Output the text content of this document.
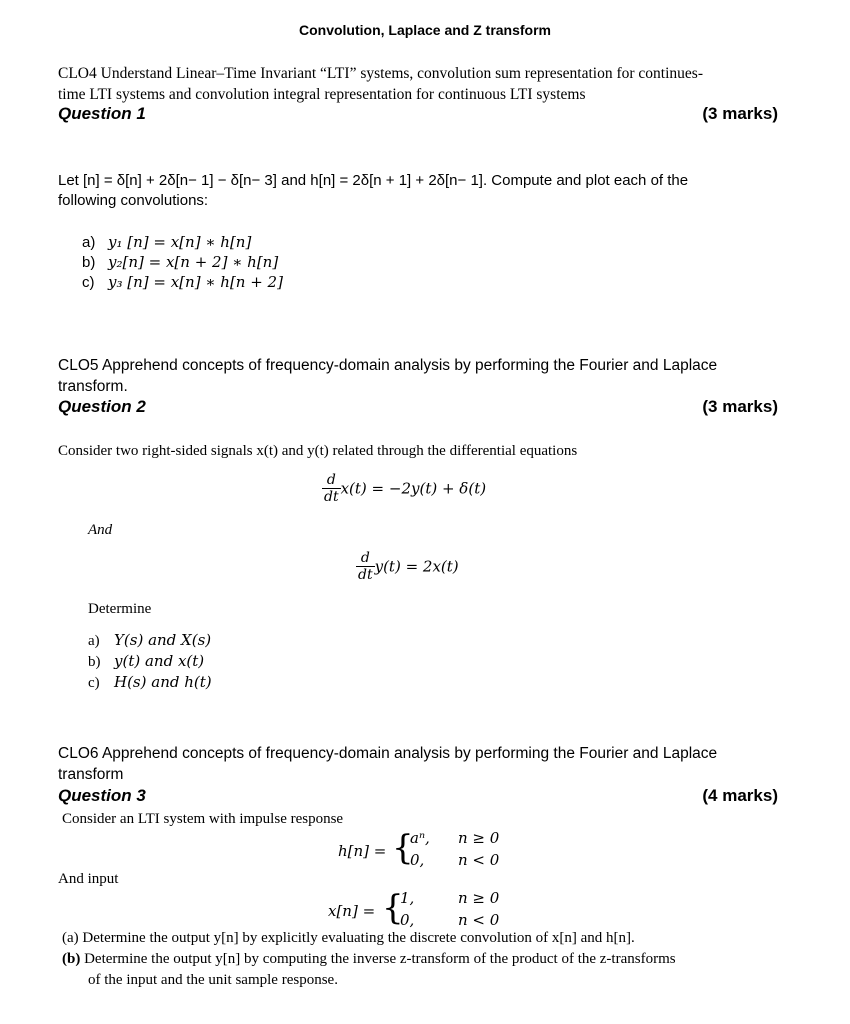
Convolution, Laplace and Z transform
CLO4 Understand Linear–Time Invariant “LTI” systems, convolution sum representation for continues-
time LTI systems and convolution integral representation for continuous LTI systems
Question 1	(3 marks)
Let [n] = δ[n] + 2δ[n− 1] − δ[n− 3] and h[n] = 2δ[n + 1] + 2δ[n− 1]. Compute and plot each of the
following convolutions:
a) y₁ [n] = x[n] ∗ h[n]
b) y₂[n] = x[n + 2] ∗ h[n]
c) y₃ [n] = x[n] ∗ h[n + 2]
CLO5 Apprehend concepts of frequency-domain analysis by performing the Fourier and Laplace
transform.
Question 2	(3 marks)
Consider two right-sided signals x(t) and y(t) related through the differential equations
$\frac{d}{dt} x(t) = -2y(t) + \delta(t)$
And
$\frac{d}{dt} y(t) = 2x(t)$
Determine
a) Y(s) and X(s)
b) y(t) and x(t)
c) H(s) and h(t)
CLO6 Apprehend concepts of frequency-domain analysis by performing the Fourier and Laplace
transform
Question 3	(4 marks)
Consider an LTI system with impulse response
h[n] = {
aⁿ, n ≥ 0
0, n < 0
And input
x[n] = {
1,	n ≥ 0
0,	n < 0
(a) Determine the output y[n] by explicitly evaluating the discrete convolution of x[n] and h[n].
(b) Determine the output y[n] by computing the inverse z-transform of the product of the z-transforms
of the input and the unit sample response.
